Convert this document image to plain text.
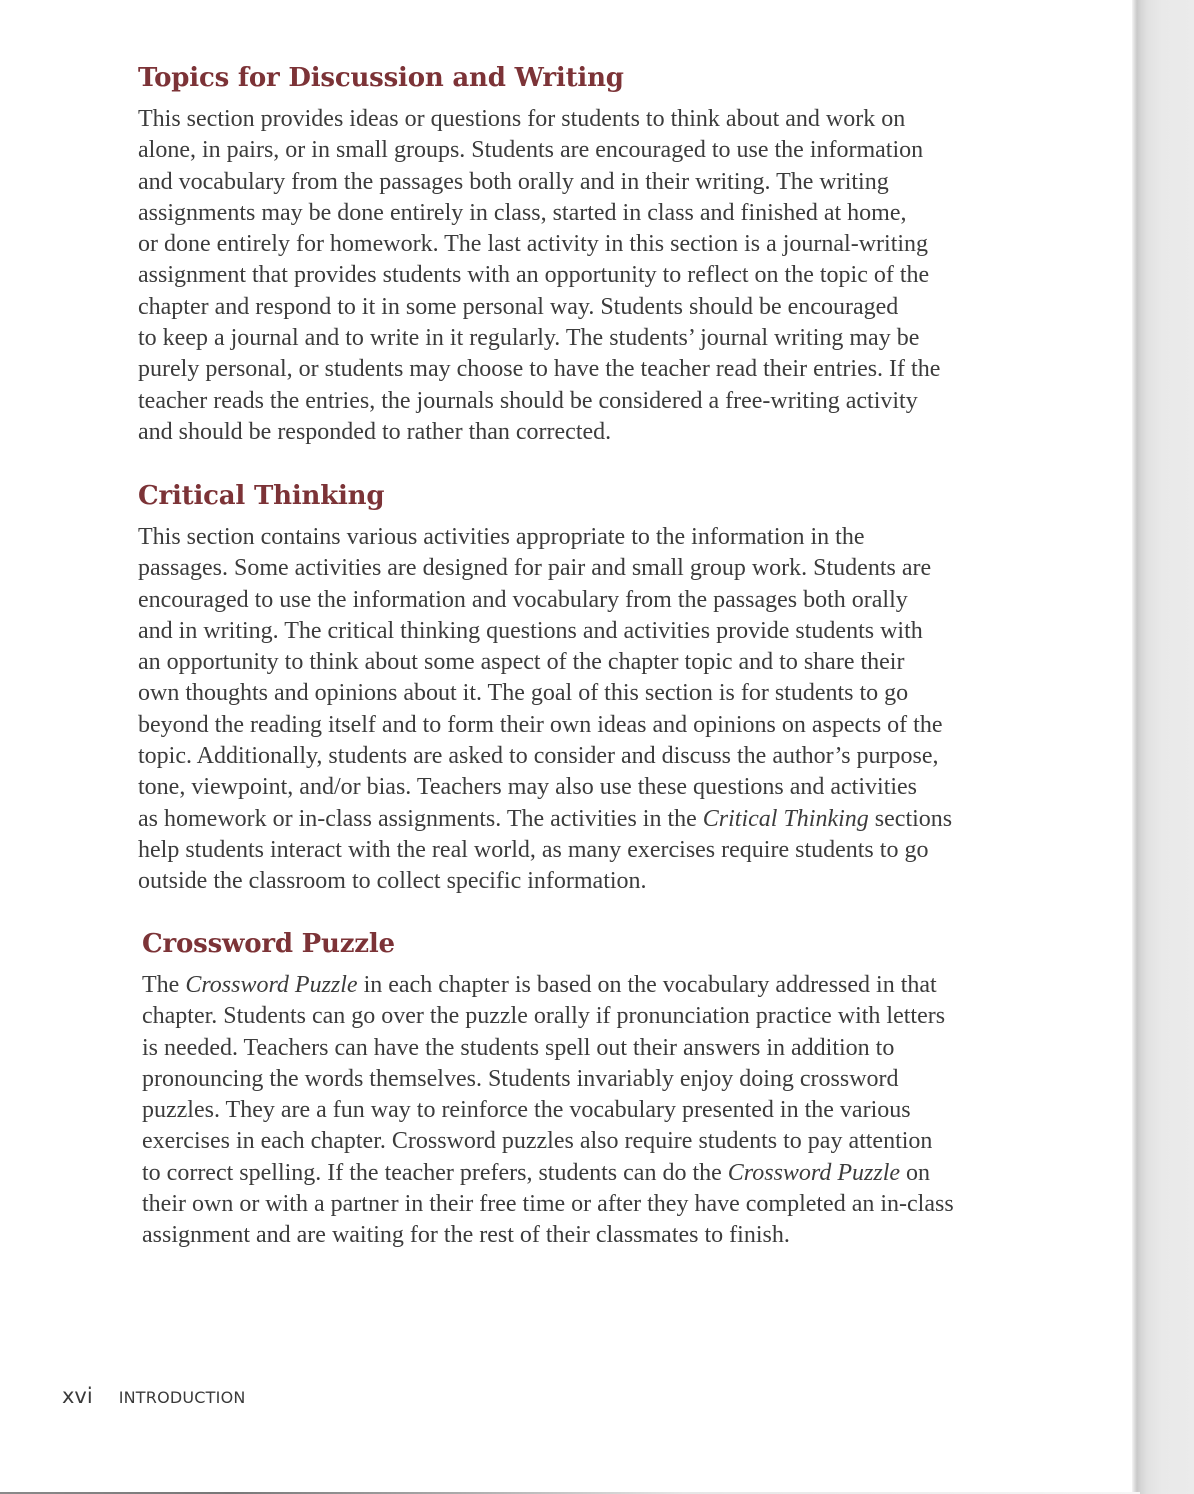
Topics for Discussion and Writing

This section provides ideas or questions for students to think about and work on
alone, in pairs, or in small groups. Students are encouraged to use the information
and vocabulary from the passages both orally and in their writing. The writing
assignments may be done entirely in class, started in class and finished at home,
or done entirely for homework. The last activity in this section is a journal-writing
assignment that provides students with an opportunity to reflect on the topic of the
chapter and respond to it in some personal way. Students should be encouraged
to keep a journal and to write in it regularly. The students’ journal writing may be
purely personal, or students may choose to have the teacher read their entries. If the
teacher reads the entries, the journals should be considered a free-writing activity
and should be responded to rather than corrected.

Critical Thinking

This section contains various activities appropriate to the information in the
passages. Some activities are designed for pair and small group work. Students are
encouraged to use the information and vocabulary from the passages both orally
and in writing. The critical thinking questions and activities provide students with
an opportunity to think about some aspect of the chapter topic and to share their
own thoughts and opinions about it. The goal of this section is for students to go
beyond the reading itself and to form their own ideas and opinions on aspects of the
topic. Additionally, students are asked to consider and discuss the author’s purpose,
tone, viewpoint, and/or bias. Teachers may also use these questions and activities
as homework or in-class assignments. The activities in the Critical Thinking sections
help students interact with the real world, as many exercises require students to go
outside the classroom to collect specific information.

Crossword Puzzle

The Crossword Puzzle in each chapter is based on the vocabulary addressed in that
chapter. Students can go over the puzzle orally if pronunciation practice with letters
is needed. Teachers can have the students spell out their answers in addition to
pronouncing the words themselves. Students invariably enjoy doing crossword
puzzles. They are a fun way to reinforce the vocabulary presented in the various
exercises in each chapter. Crossword puzzles also require students to pay attention
to correct spelling. If the teacher prefers, students can do the Crossword Puzzle on
their own or with a partner in their free time or after they have completed an in-class
assignment and are waiting for the rest of their classmates to finish.

xvi INTRODUCTION
